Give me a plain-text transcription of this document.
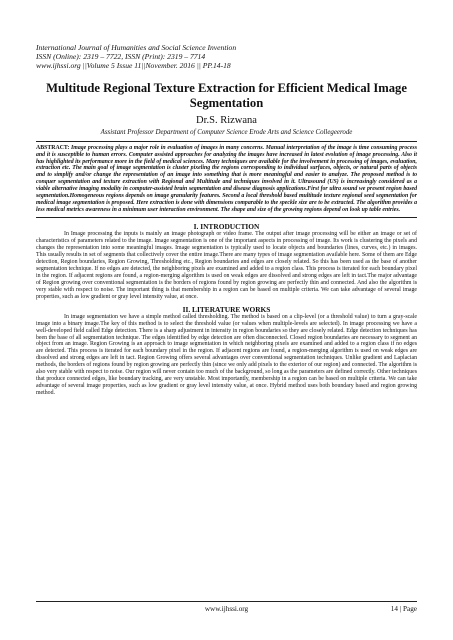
International Journal of Humanities and Social Science Invention
ISSN (Online): 2319 – 7722, ISSN (Print): 2319 – 7714
www.ijhssi.org ||Volume 5 Issue 11||November. 2016 || PP.14-18
Multitude Regional Texture Extraction for Efficient Medical Image Segmentation
Dr.S. Rizwana
Assistant Professor Department of Computer Science Erode Arts and Science Collegeerode
ABSTRACT: Image processing plays a major role in evaluation of images in many concerns. Manual interpretation of the image is time consuming process and it is susceptible to human errors. Computer assisted approaches for analyzing the images have increased in latest evolution of image processing. Also it has highlighted its performance more in the field of medical sciences. Many techniques are available for the involvement in processing of images, evaluation, extraction etc. The main goal of image segmentation is cluster pixeling the regions corresponding to individual surfaces, objects, or natural parts of objects and to simplify and/or change the representation of an image into something that is more meaningful and easier to analyze. The proposed method is to conquer segmentation and texture extraction with Regional and Multitude and techniques involved in it. Ultrasound (US) is increasingly considered as a viable alternative imaging modality in computer-assisted brain segmentation and disease diagnosis applications.First for ultra sound we present region based segmentation.Homogeneous regions depends on image granularity features. Second a local threshold based multitude texture regional seed segmentation for medical image segmentation is proposed. Here extraction is done with dimensions comparable to the speckle size are to be extracted. The algorithm provides a less medical metrics awareness in a minimum user interaction environment. The shape and size of the growing regions depend on look up table entries.
I. INTRODUCTION

In Image processing the inputs is mainly an image photograph or video frame. The output after image processing will be either an image or set of characteristics of parameters related to the image. Image segmentation is one of the important aspects in processing of image. Its work is clustering the pixels and changes the representation into some meaningful images. Image segmentation is typically used to locate objects and boundaries (lines, curves, etc.) in images. This usually results in set of segments that collectively cover the entire image.There are many types of image segmentation available here. Some of them are Edge detection, Region boundaries, Region Growing, Thresholding etc., Region boundaries and edges are closely related. So this has been used as the base of another segmentation technique. If no edges are detected, the neighboring pixels are examined and added to a region class. This process is iterated for each boundary pixel in the region. If adjacent regions are found, a region-merging algorithm is used on weak edges are dissolved and strong edges are left in tact.The major advantage of Region growing over conventional segmentation is the borders of regions found by region growing are perfectly thin and connected. And also the algorithm is very stable with respect to noise. The important thing is that membership in a region can be based on multiple criteria. We can take advantage of several image properties, such as low gradient or gray level intensity value, at once.

II. LITERATURE WORKS

In image segmentation we have a simple method called thresholding. The method is based on a clip-level (or a threshold value) to turn a gray-scale image into a binary image.The key of this method is to select the threshold value (or values when multiple-levels are selected). In image processing we have a well-developed field called Edge detection. There is a sharp adjustment in intensity in region boundaries so they are closely related. Edge detection techniques has been the base of all segmentation technique. The edges identified by edge detection are often disconnected. Closed region boundaries are necessary to segment an object from an image. Region Growing is an approach to image segmentation in which neighboring pixels are examined and added to a region class if no edges are detected. This process is iterated for each boundary pixel in the region. If adjacent regions are found, a region-merging algorithm is used on weak edges are dissolved and strong edges are left in tact. Region Growing offers several advantages over conventional segmentation techniques. Unlike gradient and Laplacian methods, the borders of regions found by region growing are perfectly thin (since we only add pixels to the exterior of our region) and connected. The algorithm is also very stable with respect to noise. Our region will never contain too much of the background, so long as the parameters are defined correctly. Other techniques that produce connected edges, like boundary tracking, are very unstable. Most importantly, membership in a region can be based on multiple criteria. We can take advantage of several image properties, such as low gradient or gray level intensity value, at once. Hybrid method uses both boundary based and region growing method.

www.ijhssi.org	14 | Page
